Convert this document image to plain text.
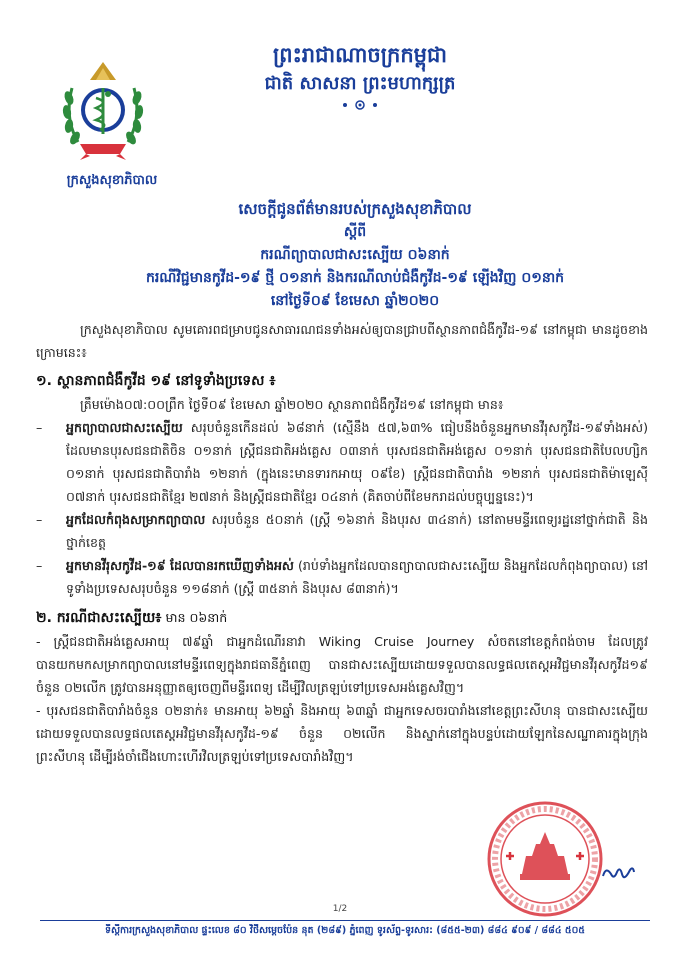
ក្រសួងសុខាភិបាល
ព្រះរាជាណាចក្រកម្ពុជា
ជាតិ សាសនា ព្រះមហាក្សត្រ
សេចក្តីជូនព័ត៌មានរបស់ក្រសួងសុខាភិបាល
ស្តីពី
ករណីព្យាបាលជាសះស្បើយ ០៦នាក់
ករណីវិជ្ជមានកូវីដ-១៩ ថ្មី ០១នាក់ និងករណីលាប់ជំងឺកូវីដ-១៩ ឡើងវិញ ០១នាក់
នៅថ្ងៃទី០៩ ខែមេសា ឆ្នាំ២០២០

ក្រសួងសុខាភិបាល សូមគោរពជម្រាបជូនសាធារណជនទាំងអស់ឲ្យបានជ្រាបពីស្ថានភាពជំងឺកូវីដ-១៩ នៅកម្ពុជា មានដូចខាងក្រោមនេះ៖

១. ស្ថានភាពជំងឺកូវីដ ១៩ នៅទូទាំងប្រទេស ៖

ត្រឹមម៉ោង០៧:០០ព្រឹក ថ្ងៃទី០៩ ខែមេសា ឆ្នាំ២០២០ ស្ថានភាពជំងឺកូវីដ១៩ នៅកម្ពុជា មាន៖

– អ្នកព្យាបាលជាសះស្បើយ សរុបចំនួនកើនដល់ ៦៨នាក់ (ស្មើនឹង ៥៧,៦៣% ធៀបនឹងចំនួនអ្នកមានវីរុសកូវីដ-១៩ទាំងអស់) ដែលមានបុរសជនជាតិចិន ០១នាក់ ស្ត្រីជនជាតិអង់គ្លេស ០៣នាក់ បុរសជនជាតិអង់គ្លេស ០១នាក់ បុរសជនជាតិបែលហ្សិក ០១នាក់ បុរសជនជាតិបារាំង ១២នាក់ (ក្នុងនេះមានទារកអាយុ ០៩ខែ) ស្ត្រីជនជាតិបារាំង ១២នាក់ បុរសជនជាតិម៉ាឡេស៊ី ០៧នាក់ បុរសជនជាតិខ្មែរ ២៧នាក់ និងស្ត្រីជនជាតិខ្មែរ ០៤នាក់ (គិតចាប់ពីខែមករាដល់បច្ចុប្បន្ននេះ)។

– អ្នកដែលកំពុងសម្រាកព្យាបាល សរុបចំនួន ៥០នាក់ (ស្ត្រី ១៦នាក់ និងបុរស ៣៤នាក់) នៅតាមមន្ទីរពេទ្យរដ្ឋនៅថ្នាក់ជាតិ និងថ្នាក់ខេត្ត

– អ្នកមានវីរុសកូវីដ-១៩ ដែលបានរកឃើញទាំងអស់ (រាប់ទាំងអ្នកដែលបានព្យាបាលជាសះស្បើយ និងអ្នកដែលកំពុងព្យាបាល) នៅទូទាំងប្រទេសសរុបចំនួន ១១៨នាក់ (ស្ត្រី ៣៥នាក់ និងបុរស ៨៣នាក់)។

២. ករណីជាសះស្បើយ៖ មាន ០៦នាក់

- ស្ត្រីជនជាតិអង់គ្លេសអាយុ ៧៩ឆ្នាំ ជាអ្នកដំណើរនាវា Wiking Cruise Journey សំចតនៅខេត្តកំពង់ចាម ដែលត្រូវបានយកមកសម្រាកព្យាបាលនៅមន្ទីរពេទ្យក្នុងរាជធានីភ្នំពេញ បានជាសះស្បើយដោយទទួលបានលទ្ធផលតេស្តអវិជ្ជមានវីរុសកូវីដ១៩ ចំនួន ០២លើក ត្រូវបានអនុញ្ញាតឲ្យចេញពីមន្ទីរពេទ្យ ដើម្បីវិលត្រឡប់ទៅប្រទេសអង់គ្លេសវិញ។

- បុរសជនជាតិបារាំងចំនួន ០២នាក់៖ មានអាយុ ៦២ឆ្នាំ និងអាយុ ៦៣ឆ្នាំ ជាអ្នកទេសចរបារាំងនៅខេត្តព្រះសីហនុ បានជាសះស្បើយ ដោយទទួលបានលទ្ធផលតេស្តអវិជ្ជមានវីរុសកូវីដ-១៩ ចំនួន ០២លើក និងស្នាក់នៅក្នុងបន្ទប់ដោយឡែកនៃសណ្ឋាគារក្នុងក្រុងព្រះសីហនុ ដើម្បីរង់ចាំជើងហោះហើរវិលត្រឡប់ទៅប្រទេសបារាំងវិញ។

1/2
ទីស្តីការក្រសួងសុខាភិបាល ផ្ទះលេខ ៨០ វិថីសម្តេចប៉ែន នុត (២៨៩) ភ្នំពេញ ទូរស័ព្ទ-ទូរសារ: (៨៥៥-២៣) ៨៨៤ ៩០៩ / ៨៨៤ ៥០៥
